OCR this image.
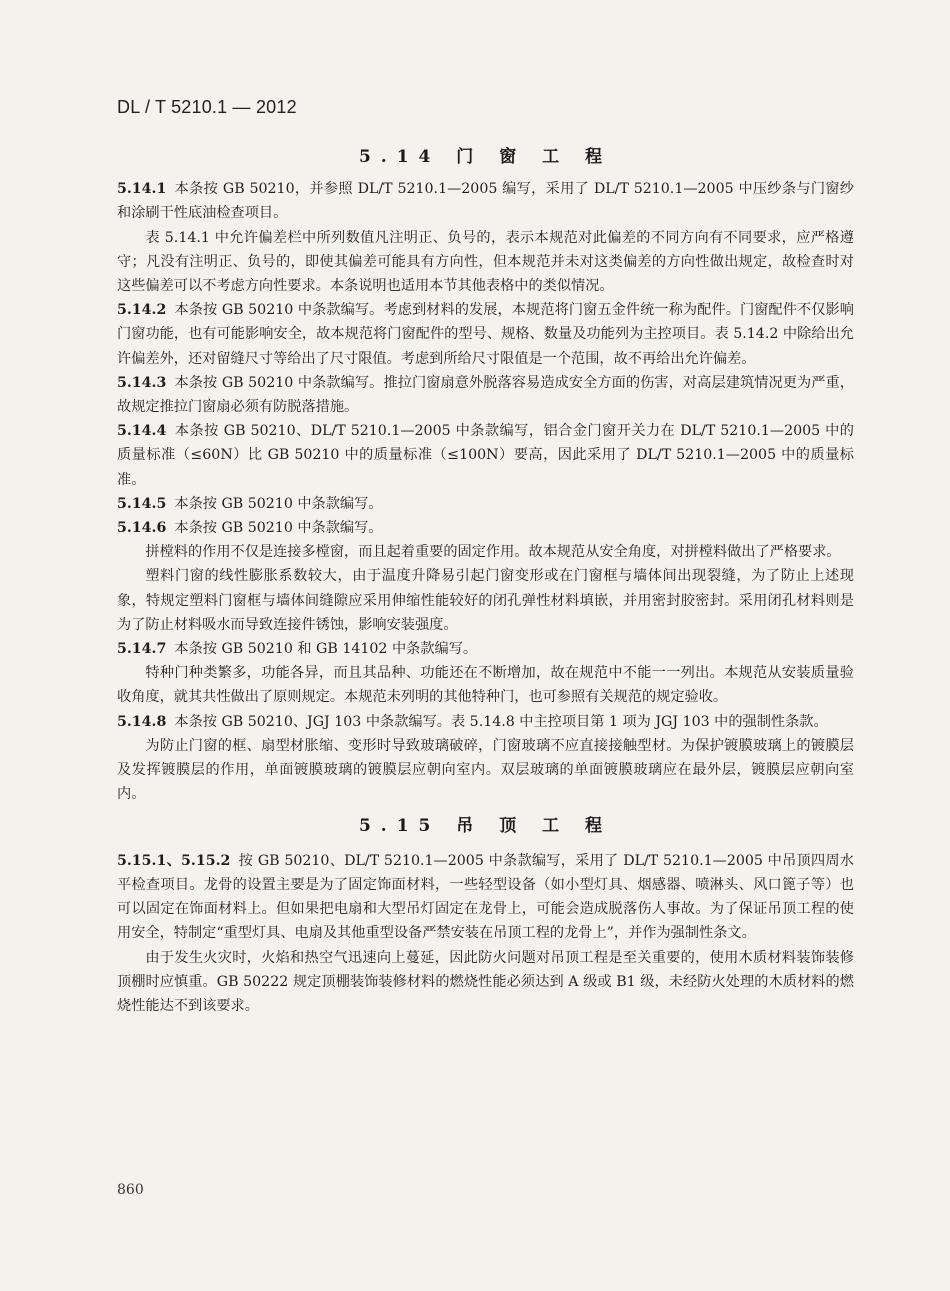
DL / T 5210.1 — 2012
5.14 门 窗 工 程

5.14.1 本条按 GB 50210，并参照 DL/T 5210.1—2005 编写，采用了 DL/T 5210.1—2005 中压纱条与门窗纱和涂刷干性底油检查项目。

表 5.14.1 中允许偏差栏中所列数值凡注明正、负号的，表示本规范对此偏差的不同方向有不同要求，应严格遵守；凡没有注明正、负号的，即使其偏差可能具有方向性，但本规范并未对这类偏差的方向性做出规定，故检查时对这些偏差可以不考虑方向性要求。本条说明也适用本节其他表格中的类似情况。

5.14.2 本条按 GB 50210 中条款编写。考虑到材料的发展，本规范将门窗五金件统一称为配件。门窗配件不仅影响门窗功能，也有可能影响安全，故本规范将门窗配件的型号、规格、数量及功能列为主控项目。表 5.14.2 中除给出允许偏差外，还对留缝尺寸等给出了尺寸限值。考虑到所给尺寸限值是一个范围，故不再给出允许偏差。

5.14.3 本条按 GB 50210 中条款编写。推拉门窗扇意外脱落容易造成安全方面的伤害，对高层建筑情况更为严重，故规定推拉门窗扇必须有防脱落措施。

5.14.4 本条按 GB 50210、DL/T 5210.1—2005 中条款编写，铝合金门窗开关力在 DL/T 5210.1—2005 中的质量标准（≤60N）比 GB 50210 中的质量标准（≤100N）要高，因此采用了 DL/T 5210.1—2005 中的质量标准。

5.14.5 本条按 GB 50210 中条款编写。

5.14.6 本条按 GB 50210 中条款编写。

拼樘料的作用不仅是连接多樘窗，而且起着重要的固定作用。故本规范从安全角度，对拼樘料做出了严格要求。

塑料门窗的线性膨胀系数较大，由于温度升降易引起门窗变形或在门窗框与墙体间出现裂缝，为了防止上述现象，特规定塑料门窗框与墙体间缝隙应采用伸缩性能较好的闭孔弹性材料填嵌，并用密封胶密封。采用闭孔材料则是为了防止材料吸水而导致连接件锈蚀，影响安装强度。

5.14.7 本条按 GB 50210 和 GB 14102 中条款编写。

特种门种类繁多，功能各异，而且其品种、功能还在不断增加，故在规范中不能一一列出。本规范从安装质量验收角度，就其共性做出了原则规定。本规范未列明的其他特种门，也可参照有关规范的规定验收。

5.14.8 本条按 GB 50210、JGJ 103 中条款编写。表 5.14.8 中主控项目第 1 项为 JGJ 103 中的强制性条款。

为防止门窗的框、扇型材胀缩、变形时导致玻璃破碎，门窗玻璃不应直接接触型材。为保护镀膜玻璃上的镀膜层及发挥镀膜层的作用，单面镀膜玻璃的镀膜层应朝向室内。双层玻璃的单面镀膜玻璃应在最外层，镀膜层应朝向室内。

5.15 吊 顶 工 程

5.15.1、5.15.2 按 GB 50210、DL/T 5210.1—2005 中条款编写，采用了 DL/T 5210.1—2005 中吊顶四周水平检查项目。龙骨的设置主要是为了固定饰面材料，一些轻型设备（如小型灯具、烟感器、喷淋头、风口篦子等）也可以固定在饰面材料上。但如果把电扇和大型吊灯固定在龙骨上，可能会造成脱落伤人事故。为了保证吊顶工程的使用安全，特制定“重型灯具、电扇及其他重型设备严禁安装在吊顶工程的龙骨上”，并作为强制性条文。

由于发生火灾时，火焰和热空气迅速向上蔓延，因此防火问题对吊顶工程是至关重要的，使用木质材料装饰装修顶棚时应慎重。GB 50222 规定顶棚装饰装修材料的燃烧性能必须达到 A 级或 B1 级，未经防火处理的木质材料的燃烧性能达不到该要求。

860
